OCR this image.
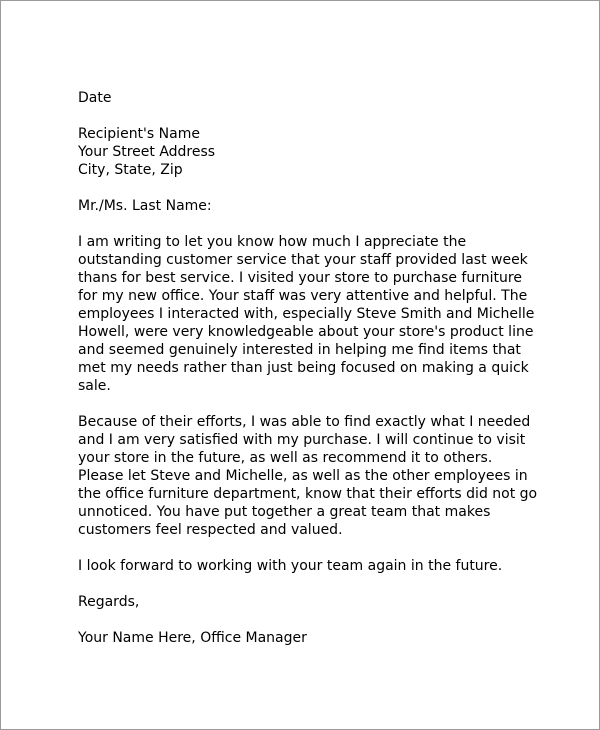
Date
Recipient's Name
Your Street Address
City, State, Zip
Mr./Ms. Last Name:
I am writing to let you know how much I appreciate the
outstanding customer service that your staff provided last week
thans for best service. I visited your store to purchase furniture
for my new office. Your staff was very attentive and helpful. The
employees I interacted with, especially Steve Smith and Michelle
Howell, were very knowledgeable about your store's product line
and seemed genuinely interested in helping me find items that
met my needs rather than just being focused on making a quick
sale.
Because of their efforts, I was able to find exactly what I needed
and I am very satisfied with my purchase. I will continue to visit
your store in the future, as well as recommend it to others.
Please let Steve and Michelle, as well as the other employees in
the office furniture department, know that their efforts did not go
unnoticed. You have put together a great team that makes
customers feel respected and valued.
I look forward to working with your team again in the future.
Regards,
Your Name Here, Office Manager
